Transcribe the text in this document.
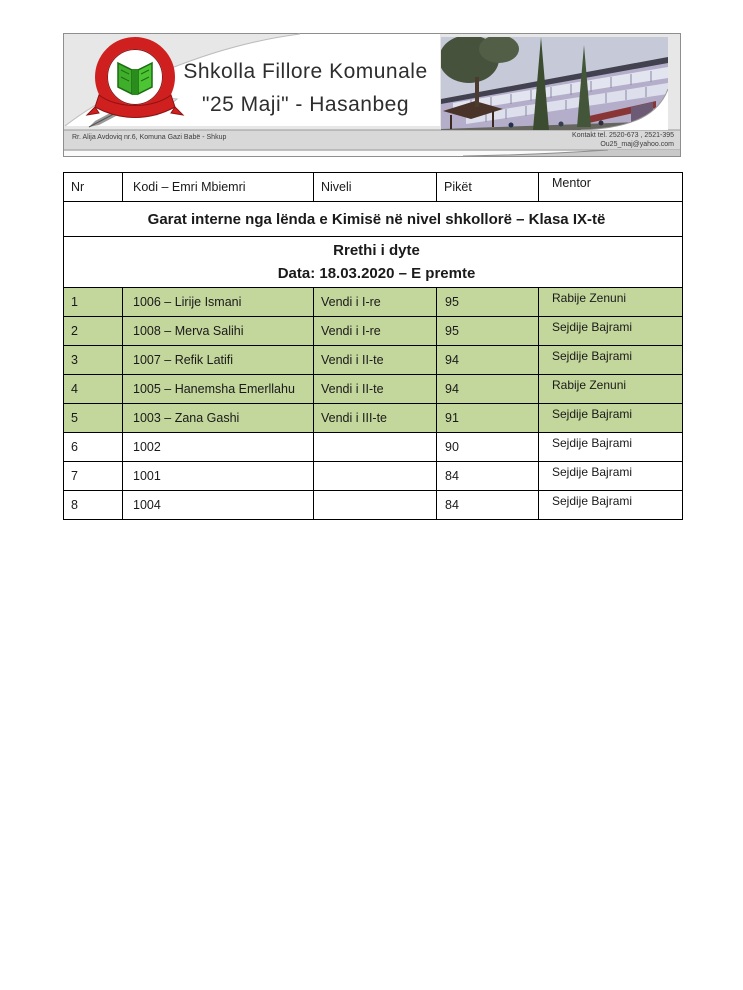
Shkolla Fillore Komunale
"25 Maji" - Hasanbeg
Rr. Alija Avdoviq nr.6, Komuna Gazi Babë - Shkup	Kontakt tel. 2520-673 , 2521-395
Ou25_maj@yahoo.com
Garat interne nga lënda e Kimisë në nivel shkollorë – Klasa IX-të				

Rrethi i dyte
Data: 18.03.2020 – E premte				

Nr	Kodi – Emri Mbiemri	Niveli	Pikët	Mentor
1	1006 – Lirije Ismani	Vendi i I-re	95	Rabije Zenuni
2	1008 – Merva Salihi	Vendi i I-re	95	Sejdije Bajrami
3	1007 – Refik Latifi	Vendi i II-te	94	Sejdije Bajrami
4	1005 – Hanemsha Emerllahu	Vendi i II-te	94	Rabije Zenuni
5	1003 – Zana Gashi	Vendi i III-te	91	Sejdije Bajrami
6	1002		90	Sejdije Bajrami
7	1001		84	Sejdije Bajrami
8	1004		84	Sejdije Bajrami
